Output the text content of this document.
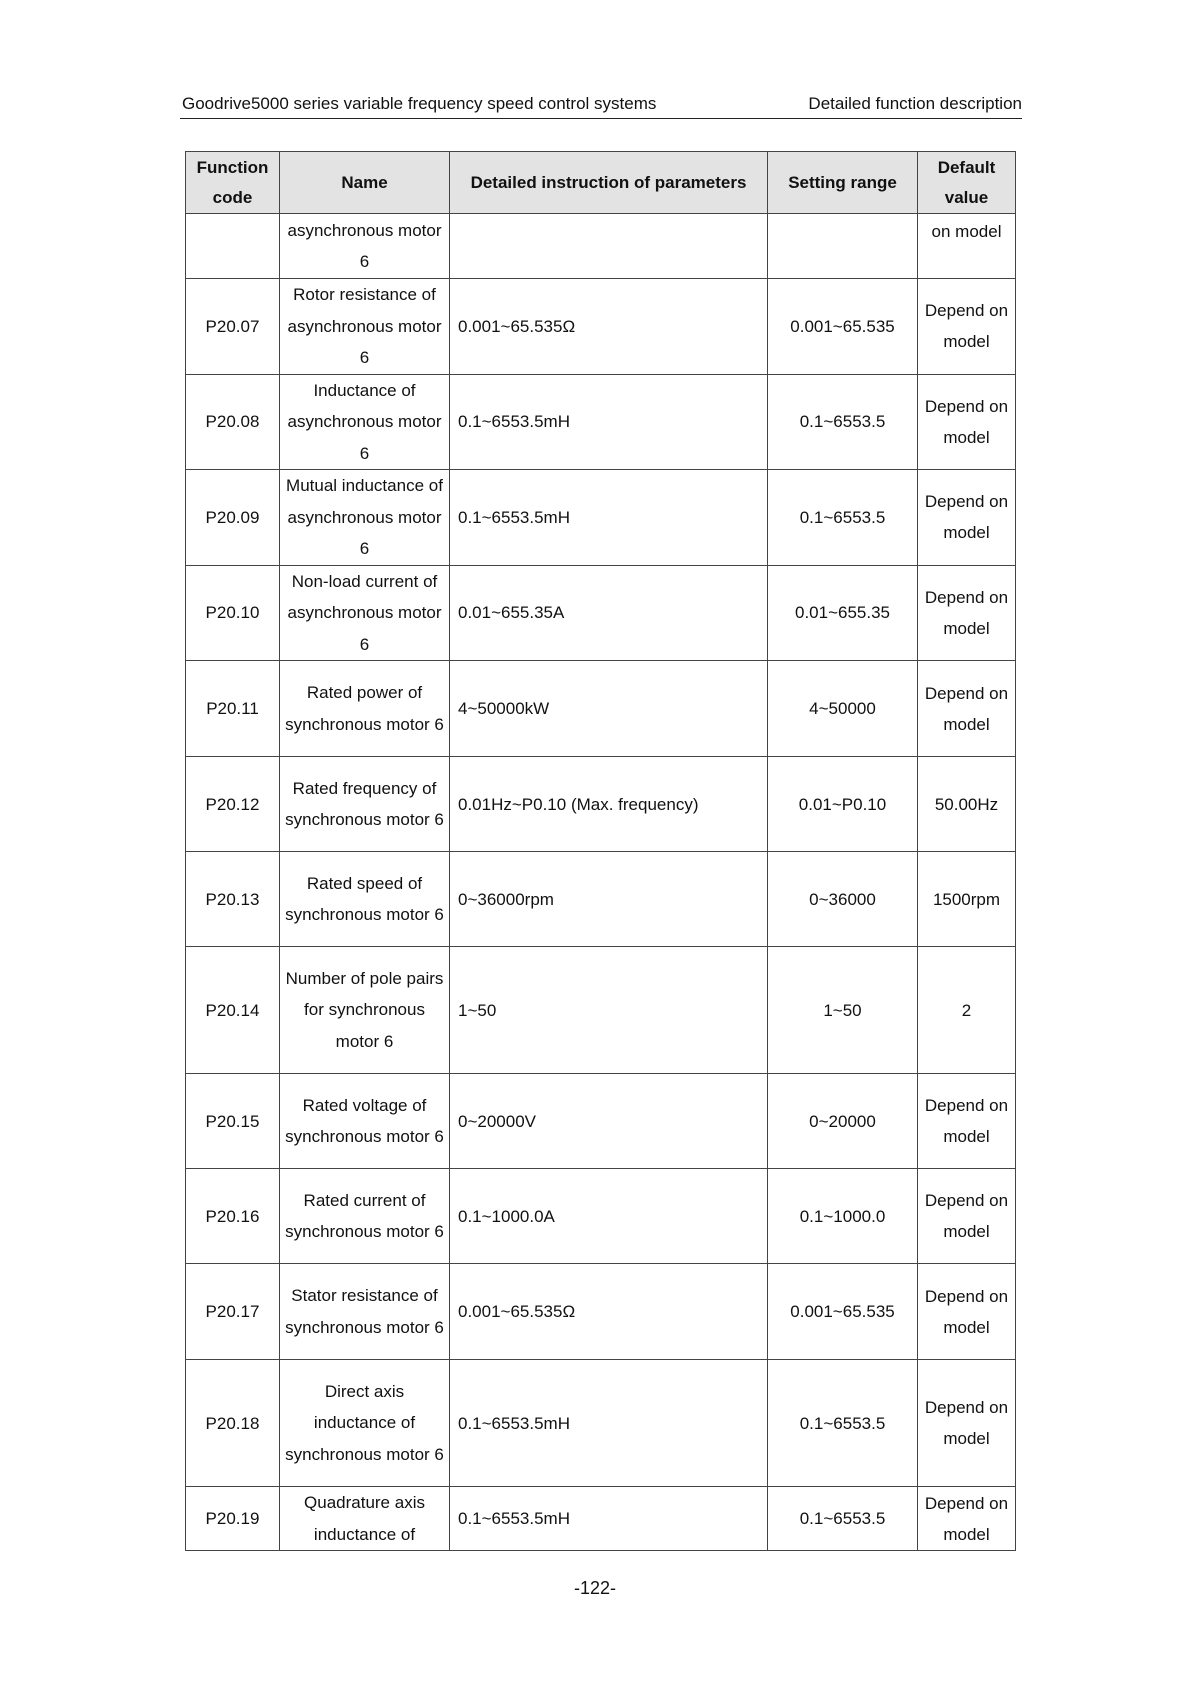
Goodrive5000 series variable frequency speed control systems	Detailed function description
Function code	Name	Detailed instruction of parameters	Setting range	Default value
	asynchronous motor 6			on model
P20.07	Rotor resistance of asynchronous motor 6	0.001~65.535Ω	0.001~65.535	Depend on model
P20.08	Inductance of asynchronous motor 6	0.1~6553.5mH	0.1~6553.5	Depend on model
P20.09	Mutual inductance of asynchronous motor 6	0.1~6553.5mH	0.1~6553.5	Depend on model
P20.10	Non-load current of asynchronous motor 6	0.01~655.35A	0.01~655.35	Depend on model
P20.11	Rated power of synchronous motor 6	4~50000kW	4~50000	Depend on model
P20.12	Rated frequency of synchronous motor 6	0.01Hz~P0.10 (Max. frequency)	0.01~P0.10	50.00Hz
P20.13	Rated speed of synchronous motor 6	0~36000rpm	0~36000	1500rpm
P20.14	Number of pole pairs for synchronous motor 6	1~50	1~50	2
P20.15	Rated voltage of synchronous motor 6	0~20000V	0~20000	Depend on model
P20.16	Rated current of synchronous motor 6	0.1~1000.0A	0.1~1000.0	Depend on model
P20.17	Stator resistance of synchronous motor 6	0.001~65.535Ω	0.001~65.535	Depend on model
P20.18	Direct axis inductance of synchronous motor 6	0.1~6553.5mH	0.1~6553.5	Depend on model
P20.19	Quadrature axis inductance of	0.1~6553.5mH	0.1~6553.5	Depend on model
-122-
